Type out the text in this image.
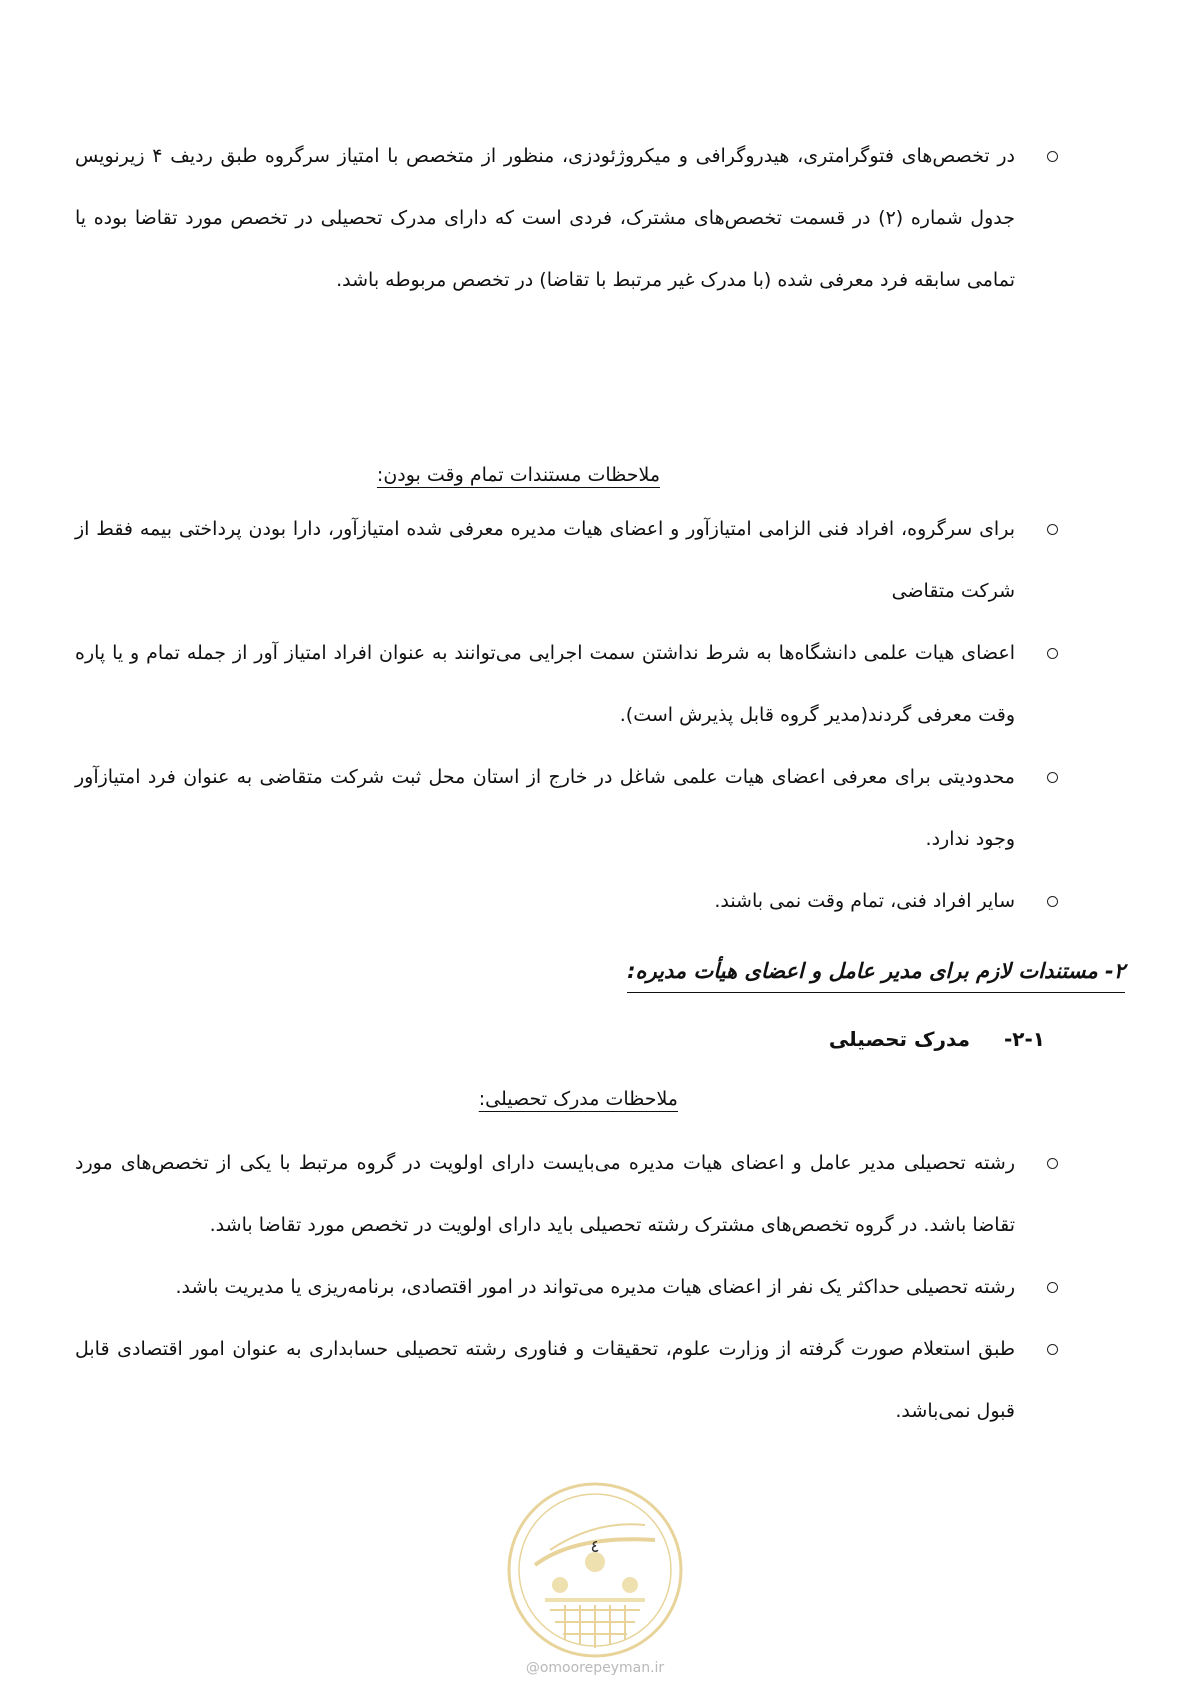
در تخصص‌های فتوگرامتری، هیدروگرافی و میکروژئودزی، منظور از متخصص با امتیاز سرگروه طبق ردیف ۴ زیرنویس جدول شماره (۲) در قسمت تخصص‌های مشترک، فردی است که دارای مدرک تحصیلی در تخصص مورد تقاضا بوده یا تمامی سابقه فرد معرفی شده (با مدرک غیر مرتبط با تقاضا) در تخصص مربوطه باشد.
ملاحظات مستندات تمام وقت بودن:
برای سرگروه، افراد فنی الزامی امتیازآور و اعضای هیات مدیره معرفی شده امتیازآور، دارا بودن پرداختی بیمه فقط از شرکت متقاضی
اعضای هیات علمی دانشگاه‌ها به شرط نداشتن سمت اجرایی می‌توانند به عنوان افراد امتیاز آور از جمله تمام و یا پاره وقت معرفی گردند(مدیر گروه قابل پذیرش است).
محدودیتی برای معرفی اعضای هیات علمی شاغل در خارج از استان محل ثبت شرکت متقاضی به عنوان فرد امتیازآور وجود ندارد.
سایر افراد فنی، تمام وقت نمی باشند.
۲- مستندات لازم برای مدیر عامل و اعضای هیأت مدیره:
۲-۱-مدرک تحصیلی
ملاحظات مدرک تحصیلی:
رشته تحصیلی مدیر عامل و اعضای هیات مدیره می‌بایست دارای اولویت در گروه مرتبط با یکی از تخصص‌های مورد تقاضا باشد. در گروه تخصص‌های مشترک رشته تحصیلی باید دارای اولویت در تخصص مورد تقاضا باشد.
رشته تحصیلی حداکثر یک نفر از اعضای هیات مدیره می‌تواند در امور اقتصادی، برنامه‌ریزی یا مدیریت باشد.
طبق استعلام صورت گرفته از وزارت علوم، تحقیقات و فناوری رشته تحصیلی حسابداری به عنوان امور اقتصادی قابل قبول نمی‌باشد.
٤
@omoorepeyman.ir
